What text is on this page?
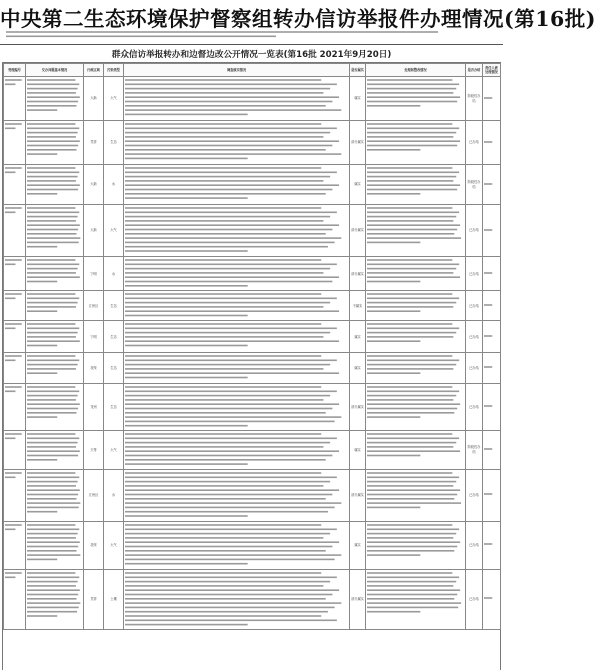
中央第二生态环境保护督察组转办信访举报件办理情况(第16批)
群众信访举报转办和边督边改公开情况一览表(第16批 2021年9月20日)
受理编号	交办问题基本情况	行政区域	污染类型	调查核实情况	是否属实	处理和整改情况	是否办结	责任人被处理情况
		大新	大气		属实		阶段性办结	
		凭祥	生态		部分属实		已办结	
		大新	水		属实		阶段性办结	
		大新	大气		部分属实		已办结	
		宁明	水		部分属实		已办结	
		江州区	生态		不属实		已办结	
		宁明	生态		属实		已办结	
		扶绥	生态		属实		已办结	
		龙州	生态		部分属实		已办结	
		天等	大气		属实		阶段性办结	
		江州区	水		部分属实		已办结	
		扶绥	大气		属实		已办结	
		凭祥	土壤		部分属实		已办结	
